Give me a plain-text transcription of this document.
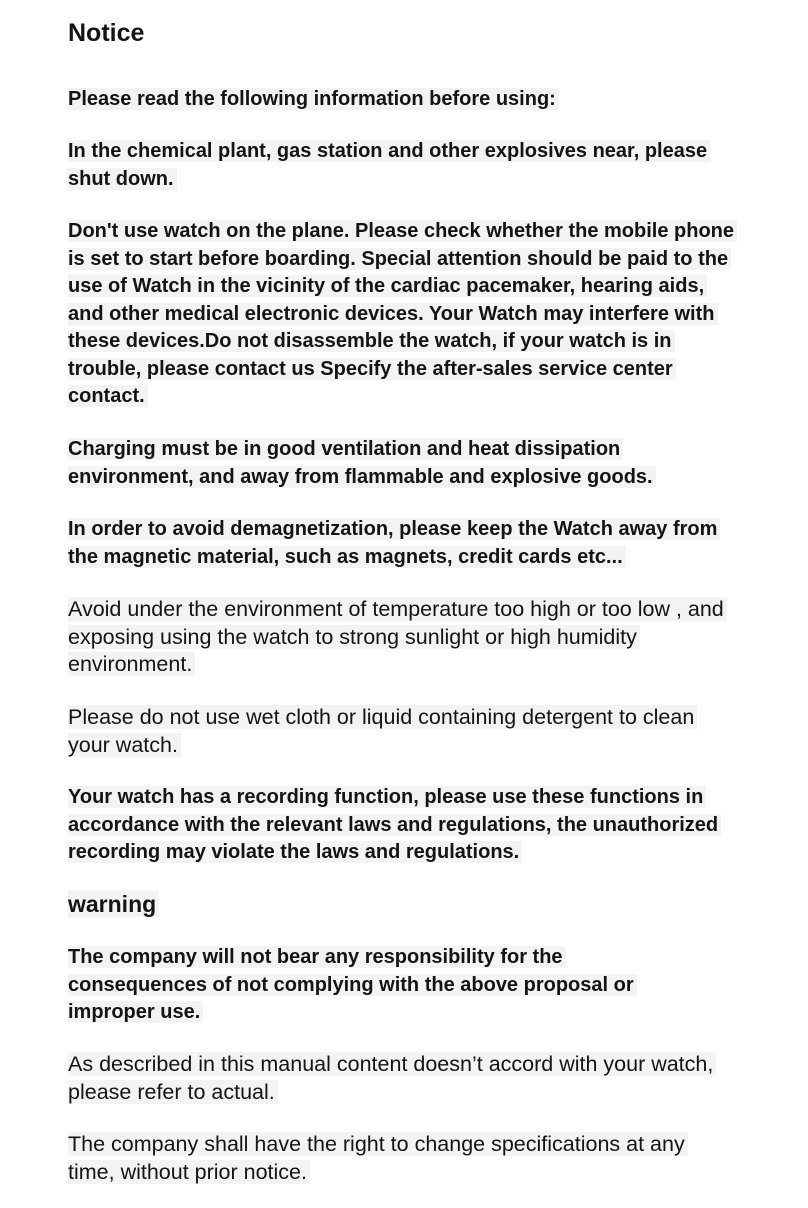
Notice

Please read the following information before using:

In the chemical plant, gas station and other explosives near, please shut down.

Don't use watch on the plane. Please check whether the mobile phone is set to start before boarding. Special attention should be paid to the use of Watch in the vicinity of the cardiac pacemaker, hearing aids, and other medical electronic devices. Your Watch may interfere with these devices.Do not disassemble the watch, if your watch is in trouble, please contact us Specify the after-sales service center contact.

Charging must be in good ventilation and heat dissipation environment, and away from flammable and explosive goods.

In order to avoid demagnetization, please keep the Watch away from the magnetic material, such as magnets, credit cards etc...

Avoid under the environment of temperature too high or too low , and exposing using the watch to strong sunlight or high humidity environment.

Please do not use wet cloth or liquid containing detergent to clean your watch.

Your watch has a recording function, please use these functions in accordance with the relevant laws and regulations, the unauthorized recording may violate the laws and regulations.

warning

The company will not bear any responsibility for the consequences of not complying with the above proposal or improper use.

As described in this manual content doesn’t accord with your watch, please refer to actual.

The company shall have the right to change specifications at any time, without prior notice.
